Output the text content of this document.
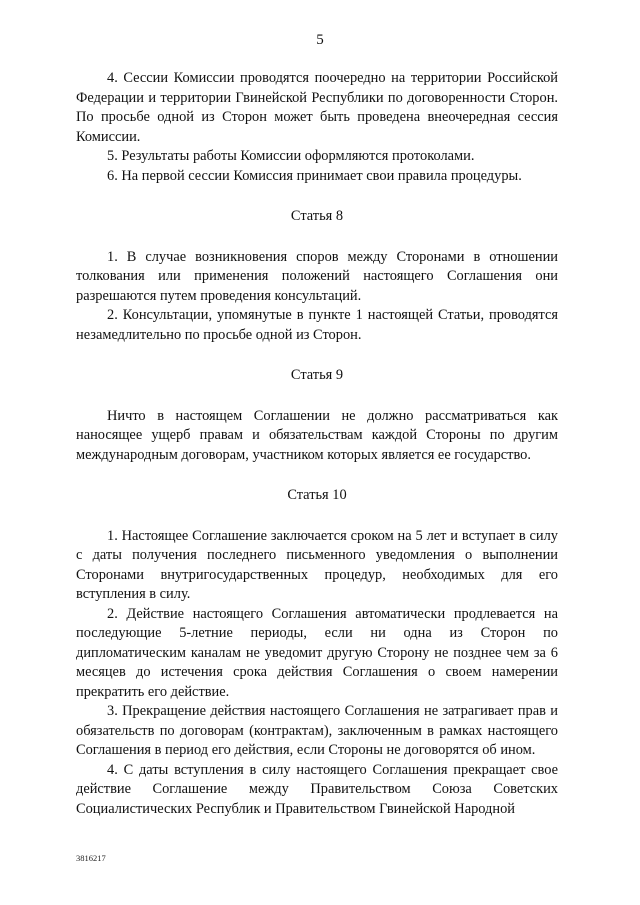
5

4. Сессии Комиссии проводятся поочередно на территории Российской Федерации и территории Гвинейской Республики по договоренности Сторон. По просьбе одной из Сторон может быть проведена внеочередная сессия Комиссии.

5. Результаты работы Комиссии оформляются протоколами.

6. На первой сессии Комиссия принимает свои правила процедуры.

Статья 8

1. В случае возникновения споров между Сторонами в отношении толкования или применения положений настоящего Соглашения они разрешаются путем проведения консультаций.

2. Консультации, упомянутые в пункте 1 настоящей Статьи, проводятся незамедлительно по просьбе одной из Сторон.

Статья 9

Ничто в настоящем Соглашении не должно рассматриваться как наносящее ущерб правам и обязательствам каждой Стороны по другим международным договорам, участником которых является ее государство.

Статья 10

1. Настоящее Соглашение заключается сроком на 5 лет и вступает в силу с даты получения последнего письменного уведомления о выполнении Сторонами внутригосударственных процедур, необходимых для его вступления в силу.

2. Действие настоящего Соглашения автоматически продлевается на последующие 5-летние периоды, если ни одна из Сторон по дипломатическим каналам не уведомит другую Сторону не позднее чем за 6 месяцев до истечения срока действия Соглашения о своем намерении прекратить его действие.

3. Прекращение действия настоящего Соглашения не затрагивает прав и обязательств по договорам (контрактам), заключенным в рамках настоящего Соглашения в период его действия, если Стороны не договорятся об ином.

4. С даты вступления в силу настоящего Соглашения прекращает свое действие Соглашение между Правительством Союза Советских Социалистических Республик и Правительством Гвинейской Народной

3816217
